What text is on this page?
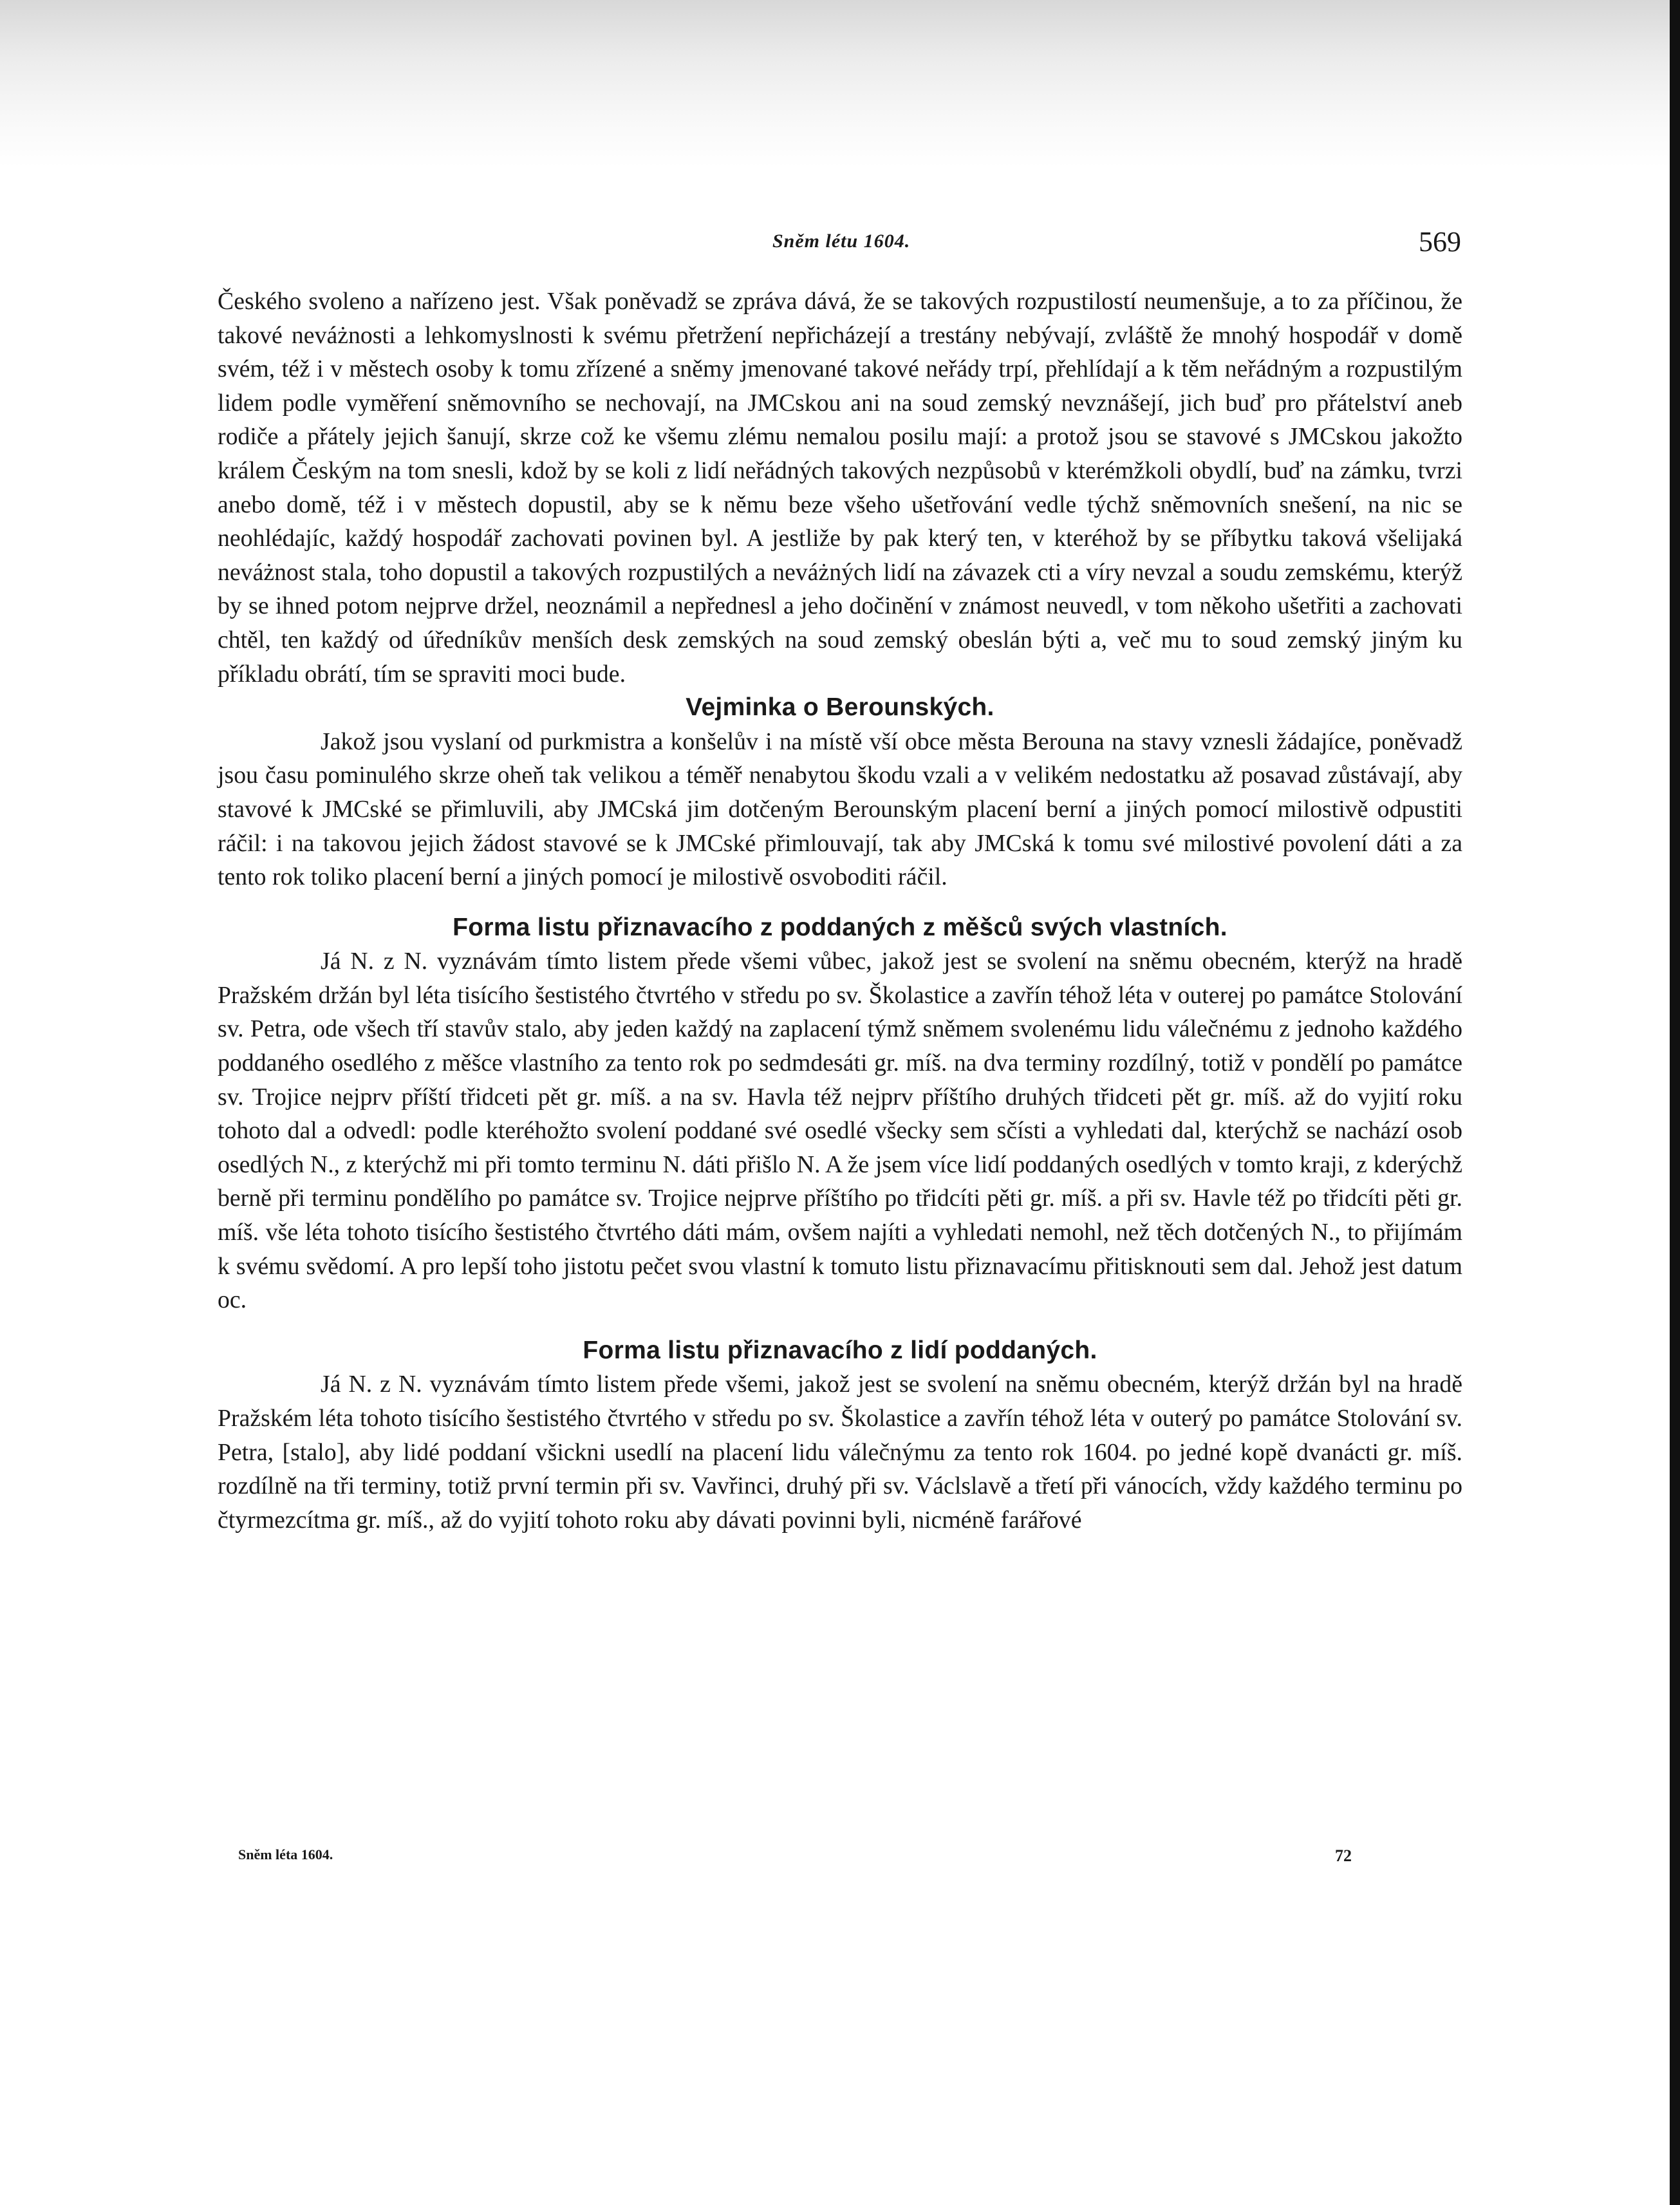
Sněm létu 1604.	569

Českého svoleno a nařízeno jest. Však poněvadž se zpráva dává, že se takových rozpustilostí neumenšuje, a to za příčinou, že takové neváżnosti a lehkomyslnosti k svému přetržení nepřicházejí a trestány nebývají, zvláště že mnohý hospodář v domě svém, též i v městech osoby k tomu zřízené a sněmy jmenované takové neřády trpí, přehlídají a k těm neřádným a rozpustilým lidem podle vyměření sněmovního se nechovají, na JMCskou ani na soud zemský nevznášejí, jich buď pro přátelství aneb rodiče a přátely jejich šanují, skrze což ke všemu zlému nemalou posilu mají: a protož jsou se stavové s JMCskou jakožto králem Českým na tom snesli, kdož by se koli z lidí neřádných takových nezpůsobů v kterémžkoli obydlí, buď na zámku, tvrzi anebo domě, též i v městech dopustil, aby se k němu beze všeho ušetřování vedle týchž sněmovních snešení, na nic se neohlédajíc, každý hospodář zachovati povinen byl. A jestliže by pak který ten, v kteréhož by se příbytku taková všelijaká neváżnost stala, toho dopustil a takových rozpustilých a neváżných lidí na závazek cti a víry nevzal a soudu zemskému, kterýž by se ihned potom nejprve držel, neoznámil a nepřednesl a jeho dočinění v známost neuvedl, v tom někoho ušetřiti a zachovati chtěl, ten každý od úředníkův menších desk zemských na soud zemský obeslán býti a, več mu to soud zemský jiným ku příkladu obrátí, tím se spraviti moci bude.

Vejminka o Berounských.

Jakož jsou vyslaní od purkmistra a konšelův i na místě vší obce města Berouna na stavy vznesli žádajíce, poněvadž jsou času pominulého skrze oheň tak velikou a téměř nenabytou škodu vzali a v velikém nedostatku až posavad zůstávají, aby stavové k JMCské se přimluvili, aby JMCská jim dotčeným Berounským placení berní a jiných pomocí milostivě odpustiti ráčil: i na takovou jejich žádost stavové se k JMCské přimlouvají, tak aby JMCská k tomu své milostivé povolení dáti a za tento rok toliko placení berní a jiných pomocí je milostivě osvoboditi ráčil.

Forma listu přiznavacího z poddaných z měšců svých vlastních.

Já N. z N. vyznávám tímto listem přede všemi vůbec, jakož jest se svolení na sněmu obecném, kterýž na hradě Pražském držán byl léta tisícího šestistého čtvrtého v středu po sv. Školastice a zavřín téhož léta v outerej po památce Stolování sv. Petra, ode všech tří stavův stalo, aby jeden každý na zaplacení týmž sněmem svolenému lidu válečnému z jednoho každého poddaného osedlého z měšce vlastního za tento rok po sedmdesáti gr. míš. na dva terminy rozdílný, totiž v pondělí po památce sv. Trojice nejprv příští třidceti pět gr. míš. a na sv. Havla též nejprv příštího druhých třidceti pět gr. míš. až do vyjití roku tohoto dal a odvedl: podle kteréhožto svolení poddané své osedlé všecky sem sčísti a vyhledati dal, kterýchž se nachází osob osedlých N., z kterýchž mi při tomto terminu N. dáti přišlo N. A že jsem více lidí poddaných osedlých v tomto kraji, z kderýchž berně při terminu pondělího po památce sv. Trojice nejprve příštího po třidcíti pěti gr. míš. a při sv. Havle též po třidcíti pěti gr. míš. vše léta tohoto tisícího šestistého čtvrtého dáti mám, ovšem najíti a vyhledati nemohl, než těch dotčených N., to přijímám k svému svědomí. A pro lepší toho jistotu pečet svou vlastní k tomuto listu přiznavacímu přitisknouti sem dal. Jehož jest datum oc.

Forma listu přiznavacího z lidí poddaných.

Já N. z N. vyznávám tímto listem přede všemi, jakož jest se svolení na sněmu obecném, kterýž držán byl na hradě Pražském léta tohoto tisícího šestistého čtvrtého v středu po sv. Školastice a zavřín téhož léta v outerý po památce Stolování sv. Petra, [stalo], aby lidé poddaní všickni usedlí na placení lidu válečnýmu za tento rok 1604. po jedné kopě dvanácti gr. míš. rozdílně na tři terminy, totiž první termin při sv. Vavřinci, druhý při sv. Václslavě a třetí při vánocích, vždy každého terminu po čtyrmezcítma gr. míš., až do vyjití tohoto roku aby dávati povinni byli, nicméně farářové

Sněm léta 1604.	72
